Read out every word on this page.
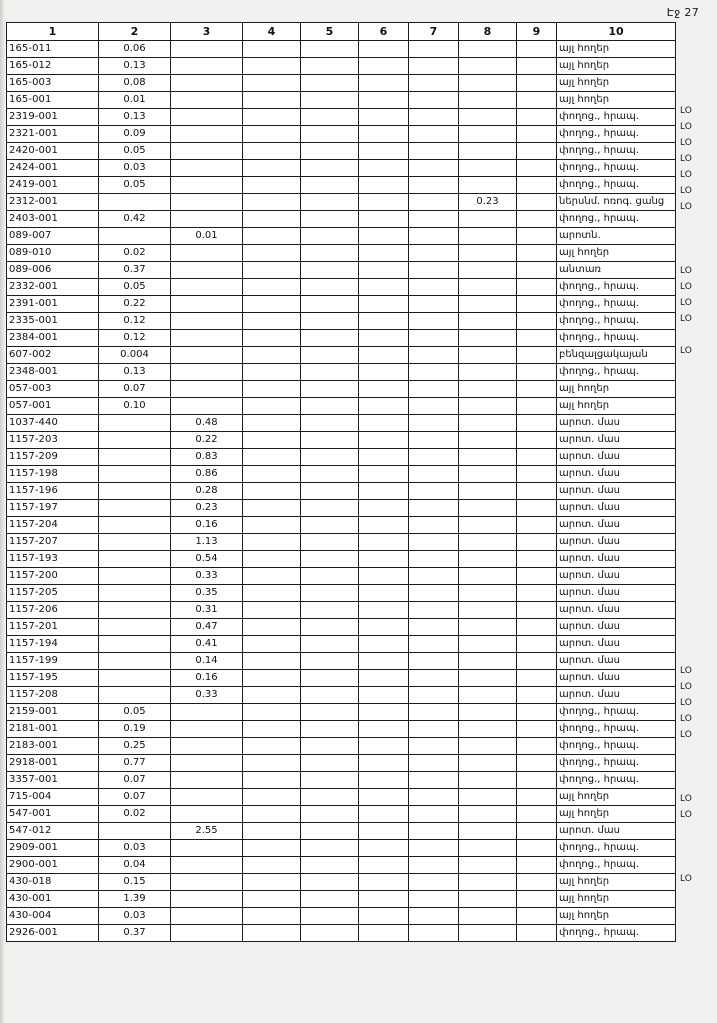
Էջ 27
1	2	3	4	5	6	7	8	9	10
165-011	0.06								այլ հողեր
165-012	0.13								այլ հողեր
165-003	0.08								այլ հողեր
165-001	0.01								այլ հողեր
2319-001	0.13								փողոց., հրապ.
2321-001	0.09								փողոց., հրապ.
2420-001	0.05								փողոց., հրապ.
2424-001	0.03								փողոց., հրապ.
2419-001	0.05								փողոց., հրապ.
2312-001							0.23		ներսնմ. ոռոգ. ցանց
2403-001	0.42								փողոց., հրապ.
089-007		0.01							արոտն.
089-010	0.02								այլ հողեր
089-006	0.37								անտառ
2332-001	0.05								փողոց., հրապ.
2391-001	0.22								փողոց., հրապ.
2335-001	0.12								փողոց., հրապ.
2384-001	0.12								փողոց., հրապ.
607-002	0.004								բենզալցակայան
2348-001	0.13								փողոց., հրապ.
057-003	0.07								այլ հողեր
057-001	0.10								այլ հողեր
1037-440		0.48							արոտ. մաս
1157-203		0.22							արոտ. մաս
1157-209		0.83							արոտ. մաս
1157-198		0.86							արոտ. մաս
1157-196		0.28							արոտ. մաս
1157-197		0.23							արոտ. մաս
1157-204		0.16							արոտ. մաս
1157-207		1.13							արոտ. մաս
1157-193		0.54							արոտ. մաս
1157-200		0.33							արոտ. մաս
1157-205		0.35							արոտ. մաս
1157-206		0.31							արոտ. մաս
1157-201		0.47							արոտ. մաս
1157-194		0.41							արոտ. մաս
1157-199		0.14							արոտ. մաս
1157-195		0.16							արոտ. մաս
1157-208		0.33							արոտ. մաս
2159-001	0.05								փողոց., հրապ.
2181-001	0.19								փողոց., հրապ.
2183-001	0.25								փողոց., հրապ.
2918-001	0.77								փողոց., հրապ.
3357-001	0.07								փողոց., հրապ.
715-004	0.07								այլ հողեր
547-001	0.02								այլ հողեր
547-012		2.55							արոտ. մաս
2909-001	0.03								փողոց., հրապ.
2900-001	0.04								փողոց., հրապ.
430-018	0.15								այլ հողեր
430-001	1.39								այլ հողեր
430-004	0.03								այլ հողեր
2926-001	0.37								փողոց., հրապ.
ԼՕ
ԼՕ
ԼՕ
ԼՕ
ԼՕ
ԼՕ
ԼՕ
ԼՕ
ԼՕ
ԼՕ
ԼՕ
ԼՕ
ԼՕ
ԼՕ
ԼՕ
ԼՕ
ԼՕ
ԼՕ
ԼՕ
ԼՕ
